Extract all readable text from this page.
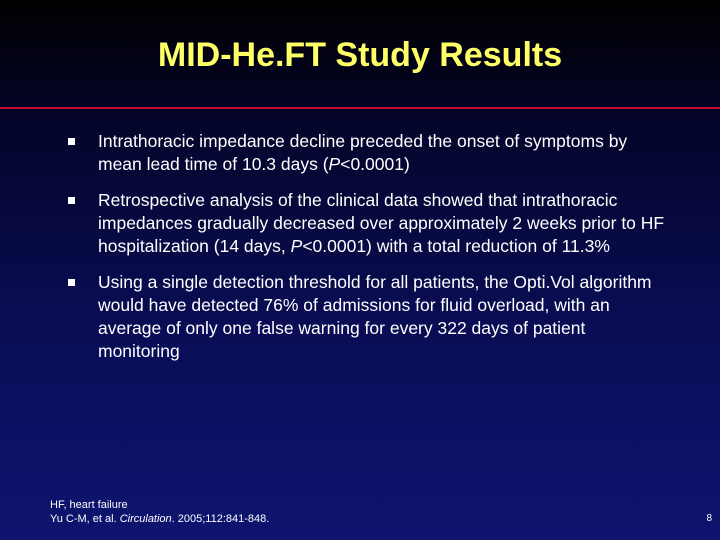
MID-He.FT Study Results
Intrathoracic impedance decline preceded the onset of symptoms by mean lead time of 10.3 days (P<0.0001)
Retrospective analysis of the clinical data showed that intrathoracic impedances gradually decreased over approximately 2 weeks prior to HF hospitalization (14 days, P<0.0001) with a total reduction of 11.3%
Using a single detection threshold for all patients, the Opti.Vol algorithm would have detected 76% of admissions for fluid overload, with an average of only one false warning for every 322 days of patient monitoring
HF, heart failure
Yu C-M, et al. Circulation. 2005;112:841-848.	8
